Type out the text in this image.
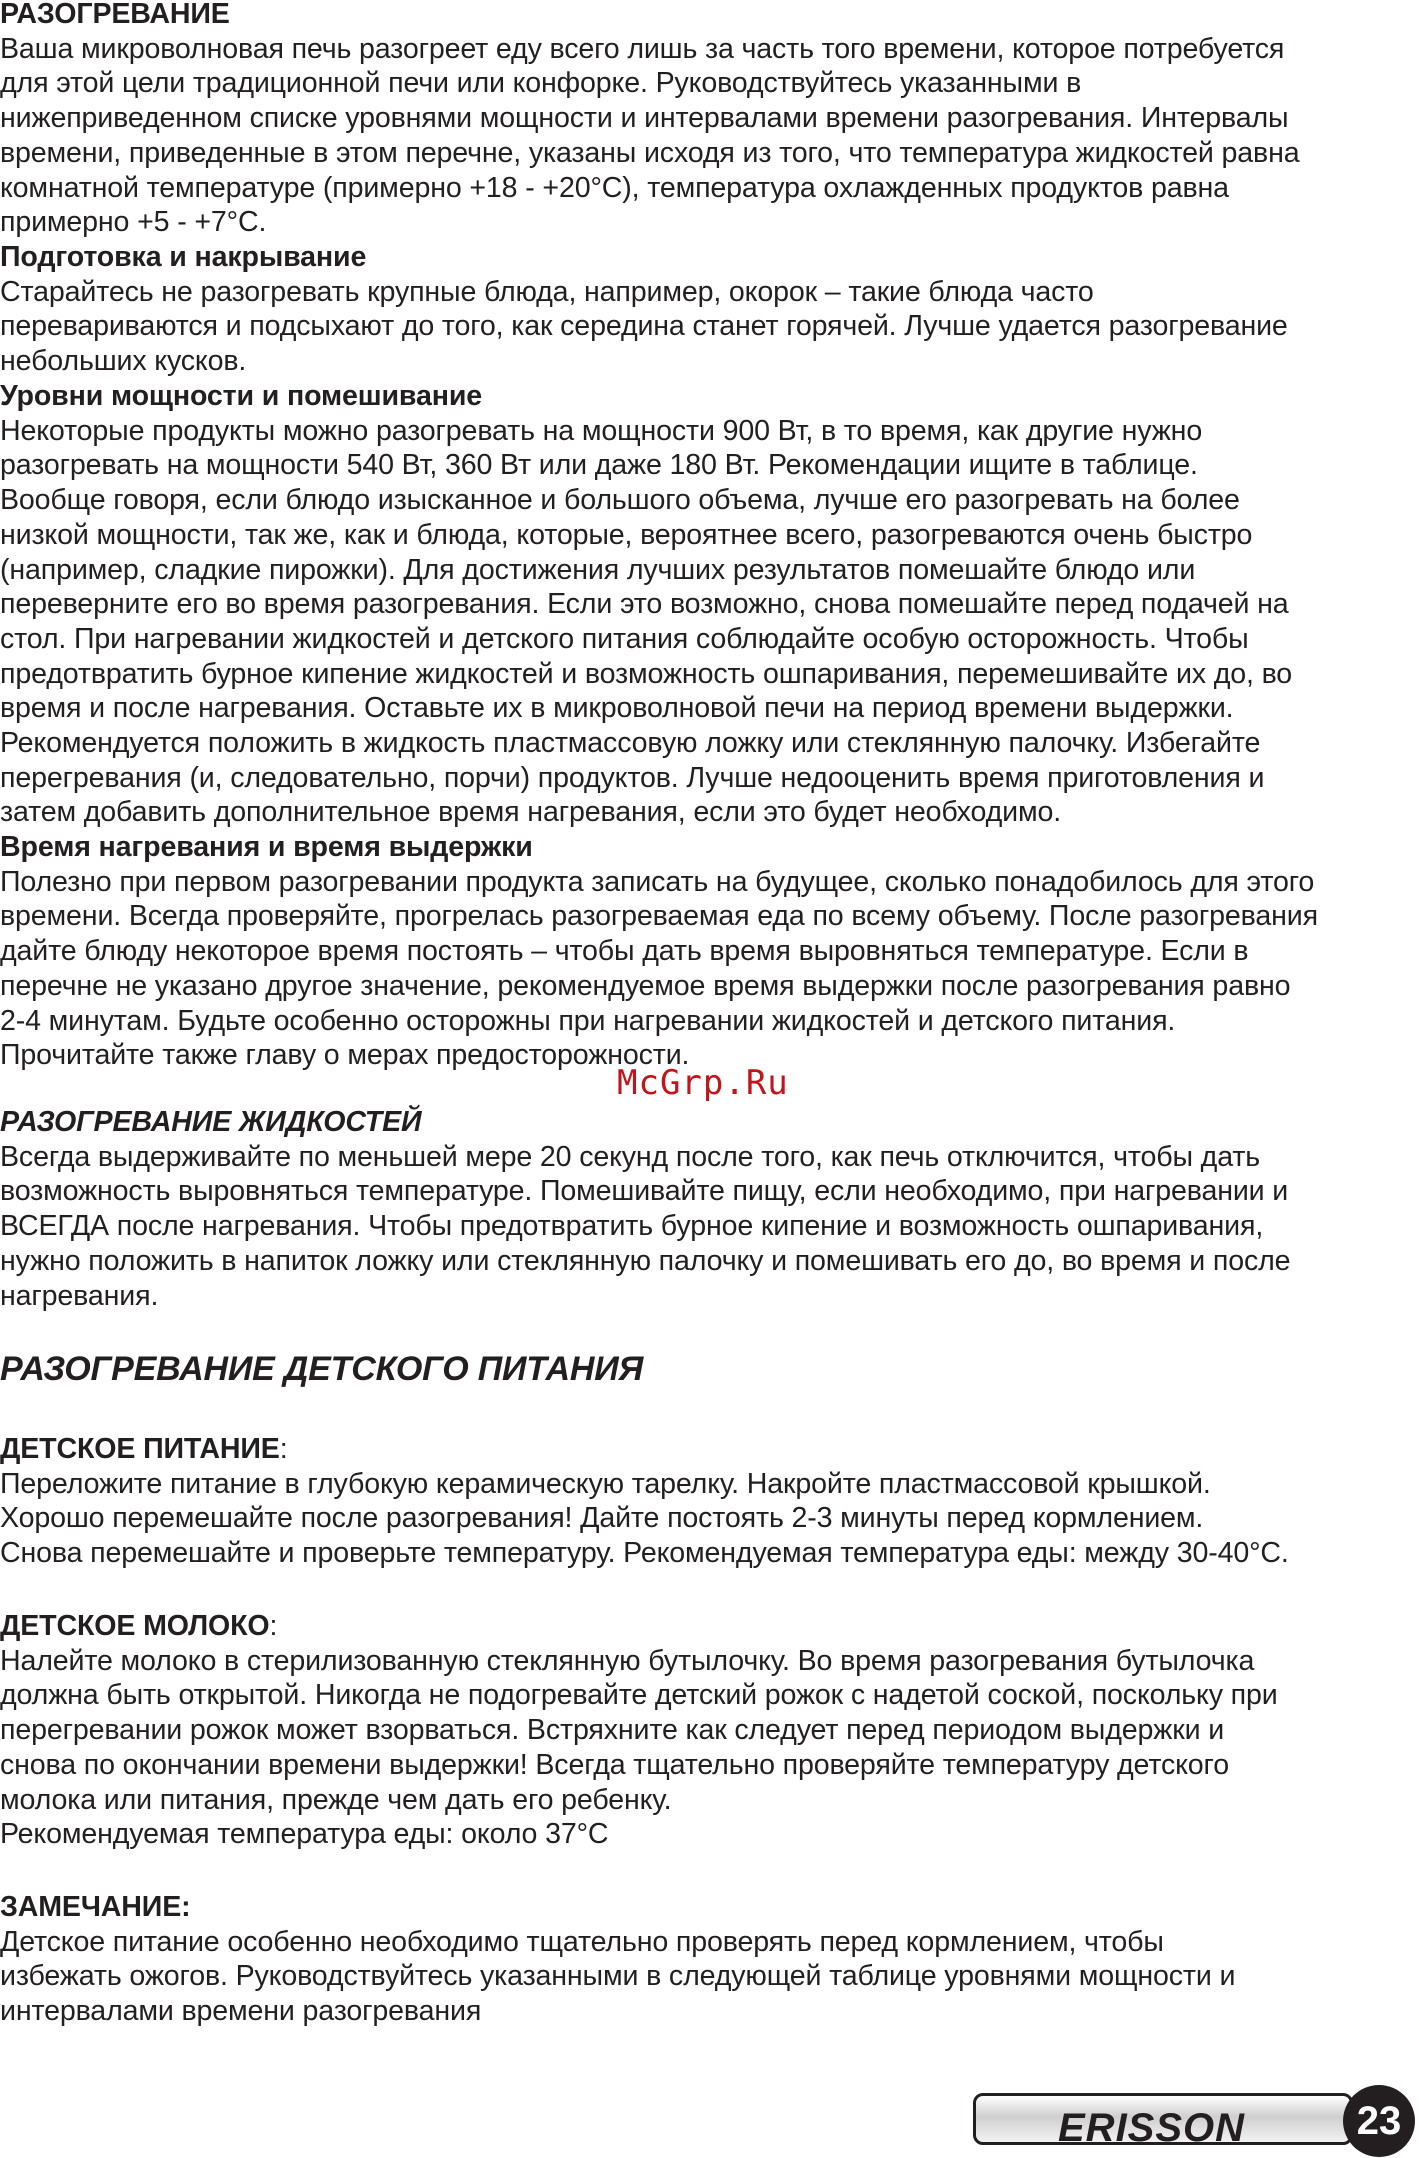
РАЗОГРЕВАНИЕ
Ваша микроволновая печь разогреет еду всего лишь за часть того времени, которое потребуется
для этой цели традиционной печи или конфорке. Руководствуйтесь указанными в
нижеприведенном списке уровнями мощности и интервалами времени разогревания. Интервалы
времени, приведенные в этом перечне, указаны исходя из того, что температура жидкостей равна
комнатной температуре (примерно +18 - +20°C), температура охлажденных продуктов равна
примерно +5 - +7°C.
Подготовка и накрывание
Старайтесь не разогревать крупные блюда, например, окорок – такие блюда часто
перевариваются и подсыхают до того, как середина станет горячей. Лучше удается разогревание
небольших кусков.
Уровни мощности и помешивание
Некоторые продукты можно разогревать на мощности 900 Вт, в то время, как другие нужно
разогревать на мощности 540 Вт, 360 Вт или даже 180 Вт. Рекомендации ищите в таблице.
Вообще говоря, если блюдо изысканное и большого объема, лучше его разогревать на более
низкой мощности, так же, как и блюда, которые, вероятнее всего, разогреваются очень быстро
(например, сладкие пирожки). Для достижения лучших результатов помешайте блюдо или
переверните его во время разогревания. Если это возможно, снова помешайте перед подачей на
стол. При нагревании жидкостей и детского питания соблюдайте особую осторожность. Чтобы
предотвратить бурное кипение жидкостей и возможность ошпаривания, перемешивайте их до, во
время и после нагревания. Оставьте их в микроволновой печи на период времени выдержки.
Рекомендуется положить в жидкость пластмассовую ложку или стеклянную палочку. Избегайте
перегревания (и, следовательно, порчи) продуктов. Лучше недооценить время приготовления и
затем добавить дополнительное время нагревания, если это будет необходимо.
Время нагревания и время выдержки
Полезно при первом разогревании продукта записать на будущее, сколько понадобилось для этого
времени. Всегда проверяйте, прогрелась разогреваемая еда по всему объему. После разогревания
дайте блюду некоторое время постоять – чтобы дать время выровняться температуре. Если в
перечне не указано другое значение, рекомендуемое время выдержки после разогревания равно
2-4 минутам. Будьте особенно осторожны при нагревании жидкостей и детского питания.
Прочитайте также главу о мерах предосторожности.
McGrp.Ru
РАЗОГРЕВАНИЕ ЖИДКОСТЕЙ
Всегда выдерживайте по меньшей мере 20 секунд после того, как печь отключится, чтобы дать
возможность выровняться температуре. Помешивайте пищу, если необходимо, при нагревании и
ВСЕГДА после нагревания. Чтобы предотвратить бурное кипение и возможность ошпаривания,
нужно положить в напиток ложку или стеклянную палочку и помешивать его до, во время и после
нагревания.
РАЗОГРЕВАНИЕ ДЕТСКОГО ПИТАНИЯ
ДЕТСКОЕ ПИТАНИЕ:
Переложите питание в глубокую керамическую тарелку. Накройте пластмассовой крышкой.
Хорошо перемешайте после разогревания! Дайте постоять 2-3 минуты перед кормлением.
Снова перемешайте и проверьте температуру. Рекомендуемая температура еды: между 30-40°C.
ДЕТСКОЕ МОЛОКО:
Налейте молоко в стерилизованную стеклянную бутылочку. Во время разогревания бутылочка
должна быть открытой. Никогда не подогревайте детский рожок с надетой соской, поскольку при
перегревании рожок может взорваться. Встряхните как следует перед периодом выдержки и
снова по окончании времени выдержки! Всегда тщательно проверяйте температуру детского
молока или питания, прежде чем дать его ребенку.
Рекомендуемая температура еды: около 37°C
ЗАМЕЧАНИЕ:
Детское питание особенно необходимо тщательно проверять перед кормлением, чтобы
избежать ожогов. Руководствуйтесь указанными в следующей таблице уровнями мощности и
интервалами времени разогревания
ERISSON	23
